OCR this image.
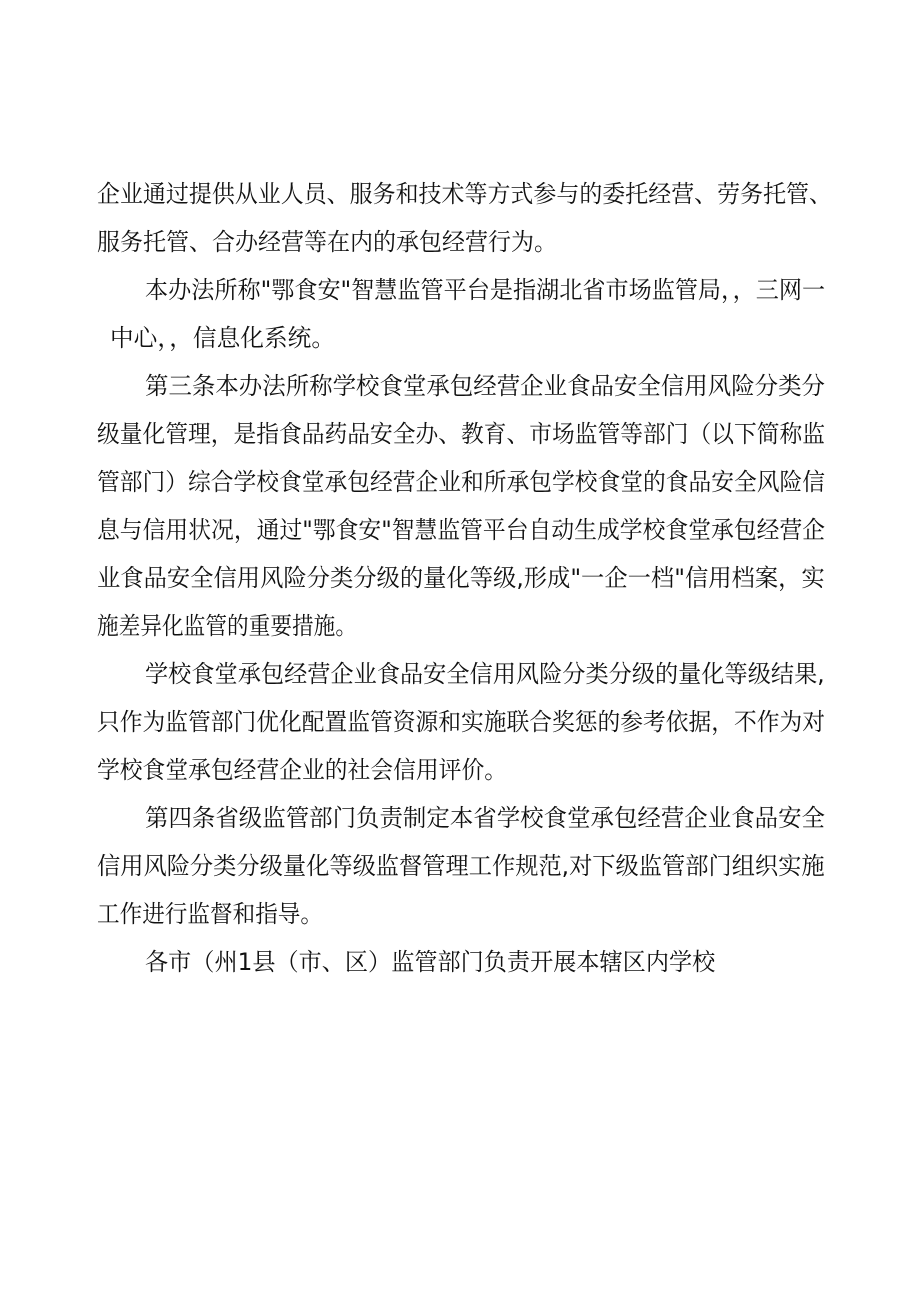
企业通过提供从业人员、服务和技术等方式参与的委托经营、劳务托管、
服务托管、合办经营等在内的承包经营行为。
本办法所称"鄂食安"智慧监管平台是指湖北省市场监管局，，三网一
中心，，信息化系统。
第三条本办法所称学校食堂承包经营企业食品安全信用风险分类分
级量化管理，是指食品药品安全办、教育、市场监管等部门（以下简称监
管部门）综合学校食堂承包经营企业和所承包学校食堂的食品安全风险信
息与信用状况，通过"鄂食安"智慧监管平台自动生成学校食堂承包经营企
业食品安全信用风险分类分级的量化等级,形成"一企一档"信用档案，实
施差异化监管的重要措施。
学校食堂承包经营企业食品安全信用风险分类分级的量化等级结果,
只作为监管部门优化配置监管资源和实施联合奖惩的参考依据，不作为对
学校食堂承包经营企业的社会信用评价。
第四条省级监管部门负责制定本省学校食堂承包经营企业食品安全
信用风险分类分级量化等级监督管理工作规范,对下级监管部门组织实施
工作进行监督和指导。
各市（州1县（市、区）监管部门负责开展本辖区内学校
